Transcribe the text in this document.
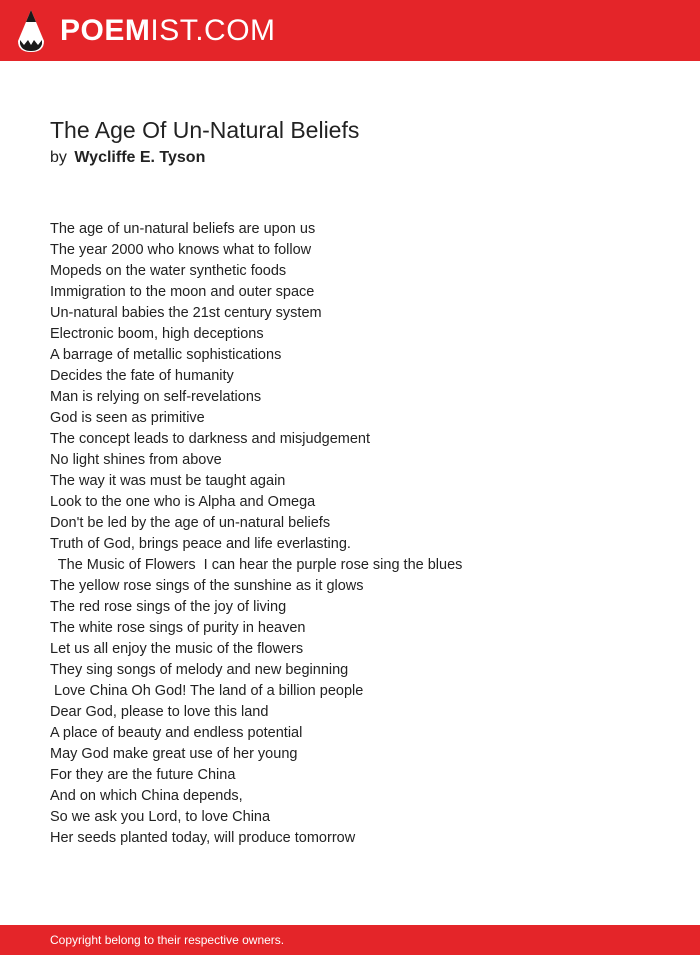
POEMIST.COM
The Age Of Un-Natural Beliefs
by Wycliffe E. Tyson
The age of un-natural beliefs are upon us
The year 2000 who knows what to follow
Mopeds on the water synthetic foods
Immigration to the moon and outer space
Un-natural babies the 21st century system
Electronic boom, high deceptions
A barrage of metallic sophistications
Decides the fate of humanity
Man is relying on self-revelations
God is seen as primitive
The concept leads to darkness and misjudgement
No light shines from above
The way it was must be taught again
Look to the one who is Alpha and Omega
Don't be led by the age of un-natural beliefs
Truth of God, brings peace and life everlasting.
The Music of Flowers  I can hear the purple rose sing the blues
The yellow rose sings of the sunshine as it glows
The red rose sings of the joy of living
The white rose sings of purity in heaven
Let us all enjoy the music of the flowers
They sing songs of melody and new beginning
Love China Oh God! The land of a billion people
Dear God, please to love this land
A place of beauty and endless potential
May God make great use of her young
For they are the future China
And on which China depends,
So we ask you Lord, to love China
Her seeds planted today, will produce tomorrow
Copyright belong to their respective owners.
